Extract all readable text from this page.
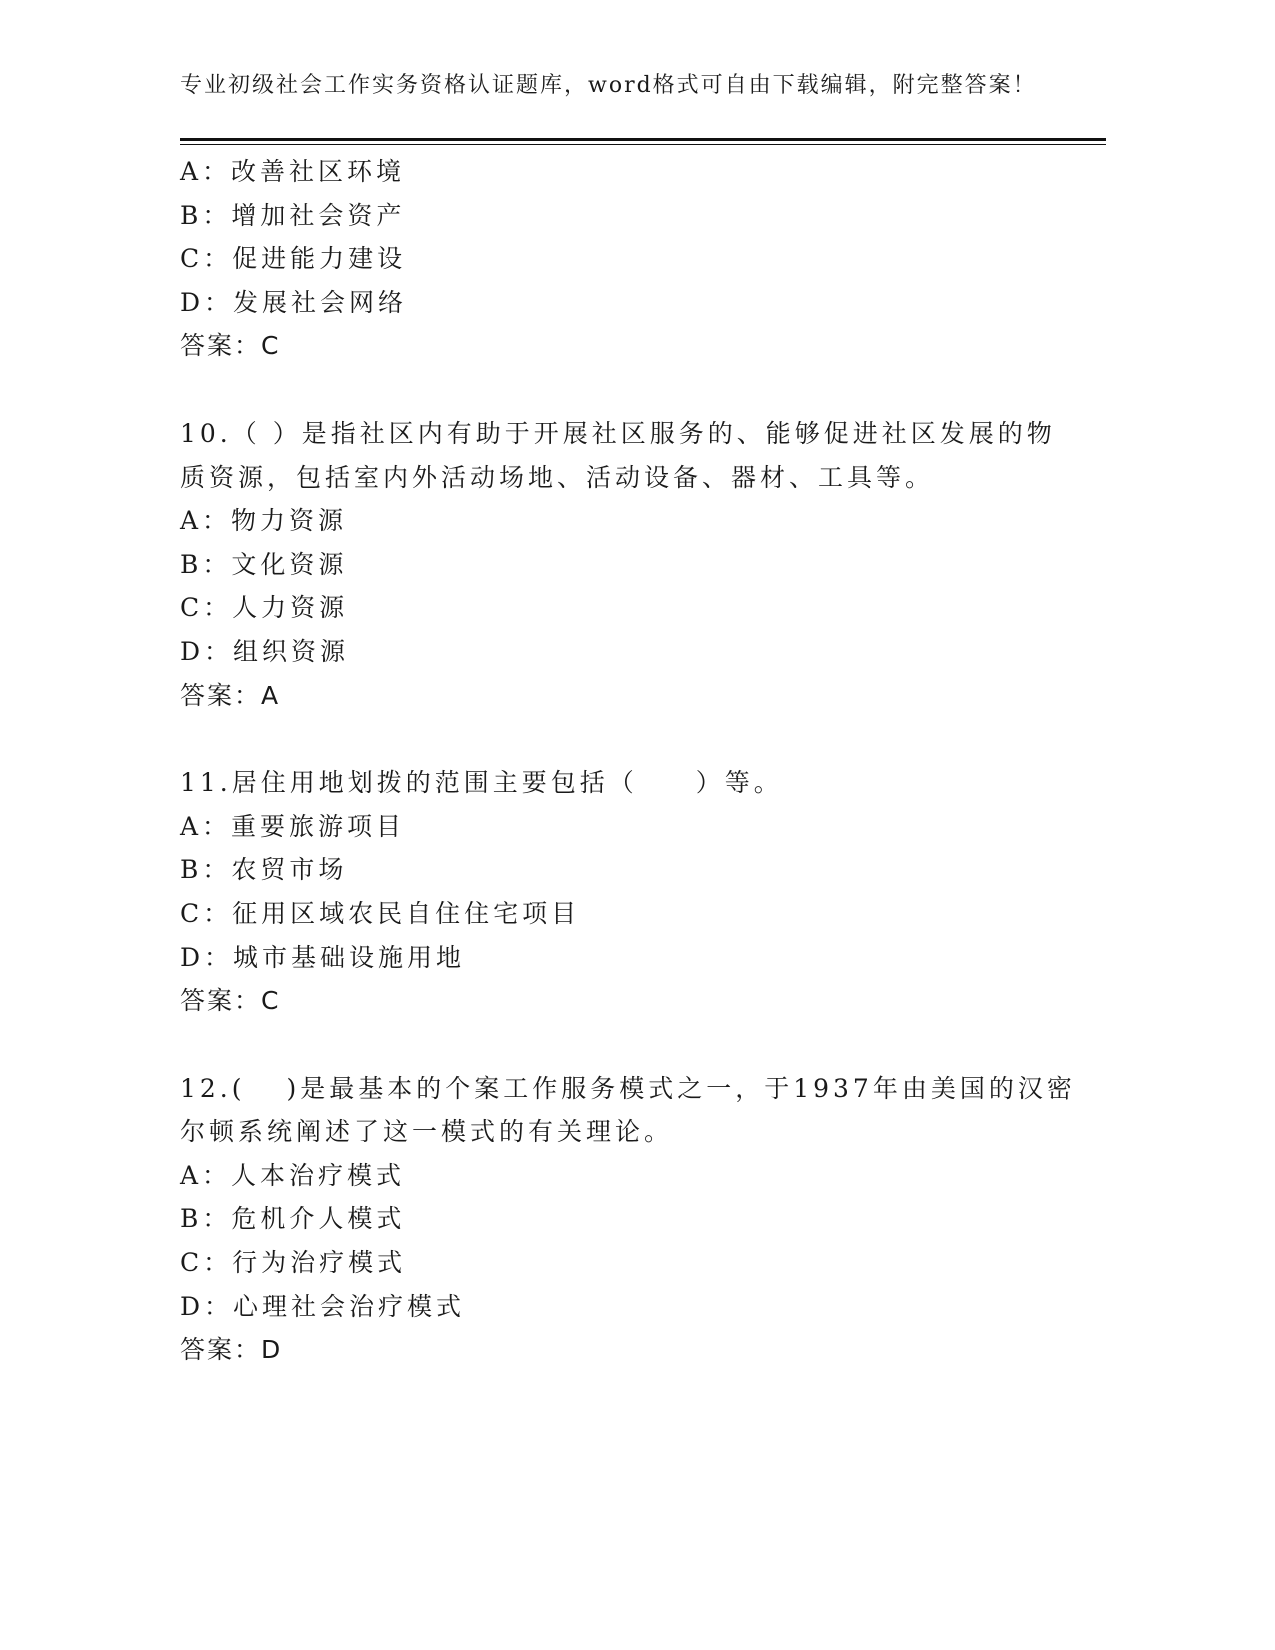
专业初级社会工作实务资格认证题库，word格式可自由下载编辑，附完整答案！
A：改善社区环境
B：增加社会资产
C：促进能力建设
D：发展社会网络
答案：C
10.（ ）是指社区内有助于开展社区服务的、能够促进社区发展的物
质资源，包括室内外活动场地、活动设备、器材、工具等。
A：物力资源
B：文化资源
C：人力资源
D：组织资源
答案：A
11.居住用地划拨的范围主要包括（　　）等。
A：重要旅游项目
B：农贸市场
C：征用区域农民自住住宅项目
D：城市基础设施用地
答案：C
12.(　 )是最基本的个案工作服务模式之一，于1937年由美国的汉密
尔顿系统阐述了这一模式的有关理论。
A：人本治疗模式
B：危机介人模式
C：行为治疗模式
D：心理社会治疗模式
答案：D
